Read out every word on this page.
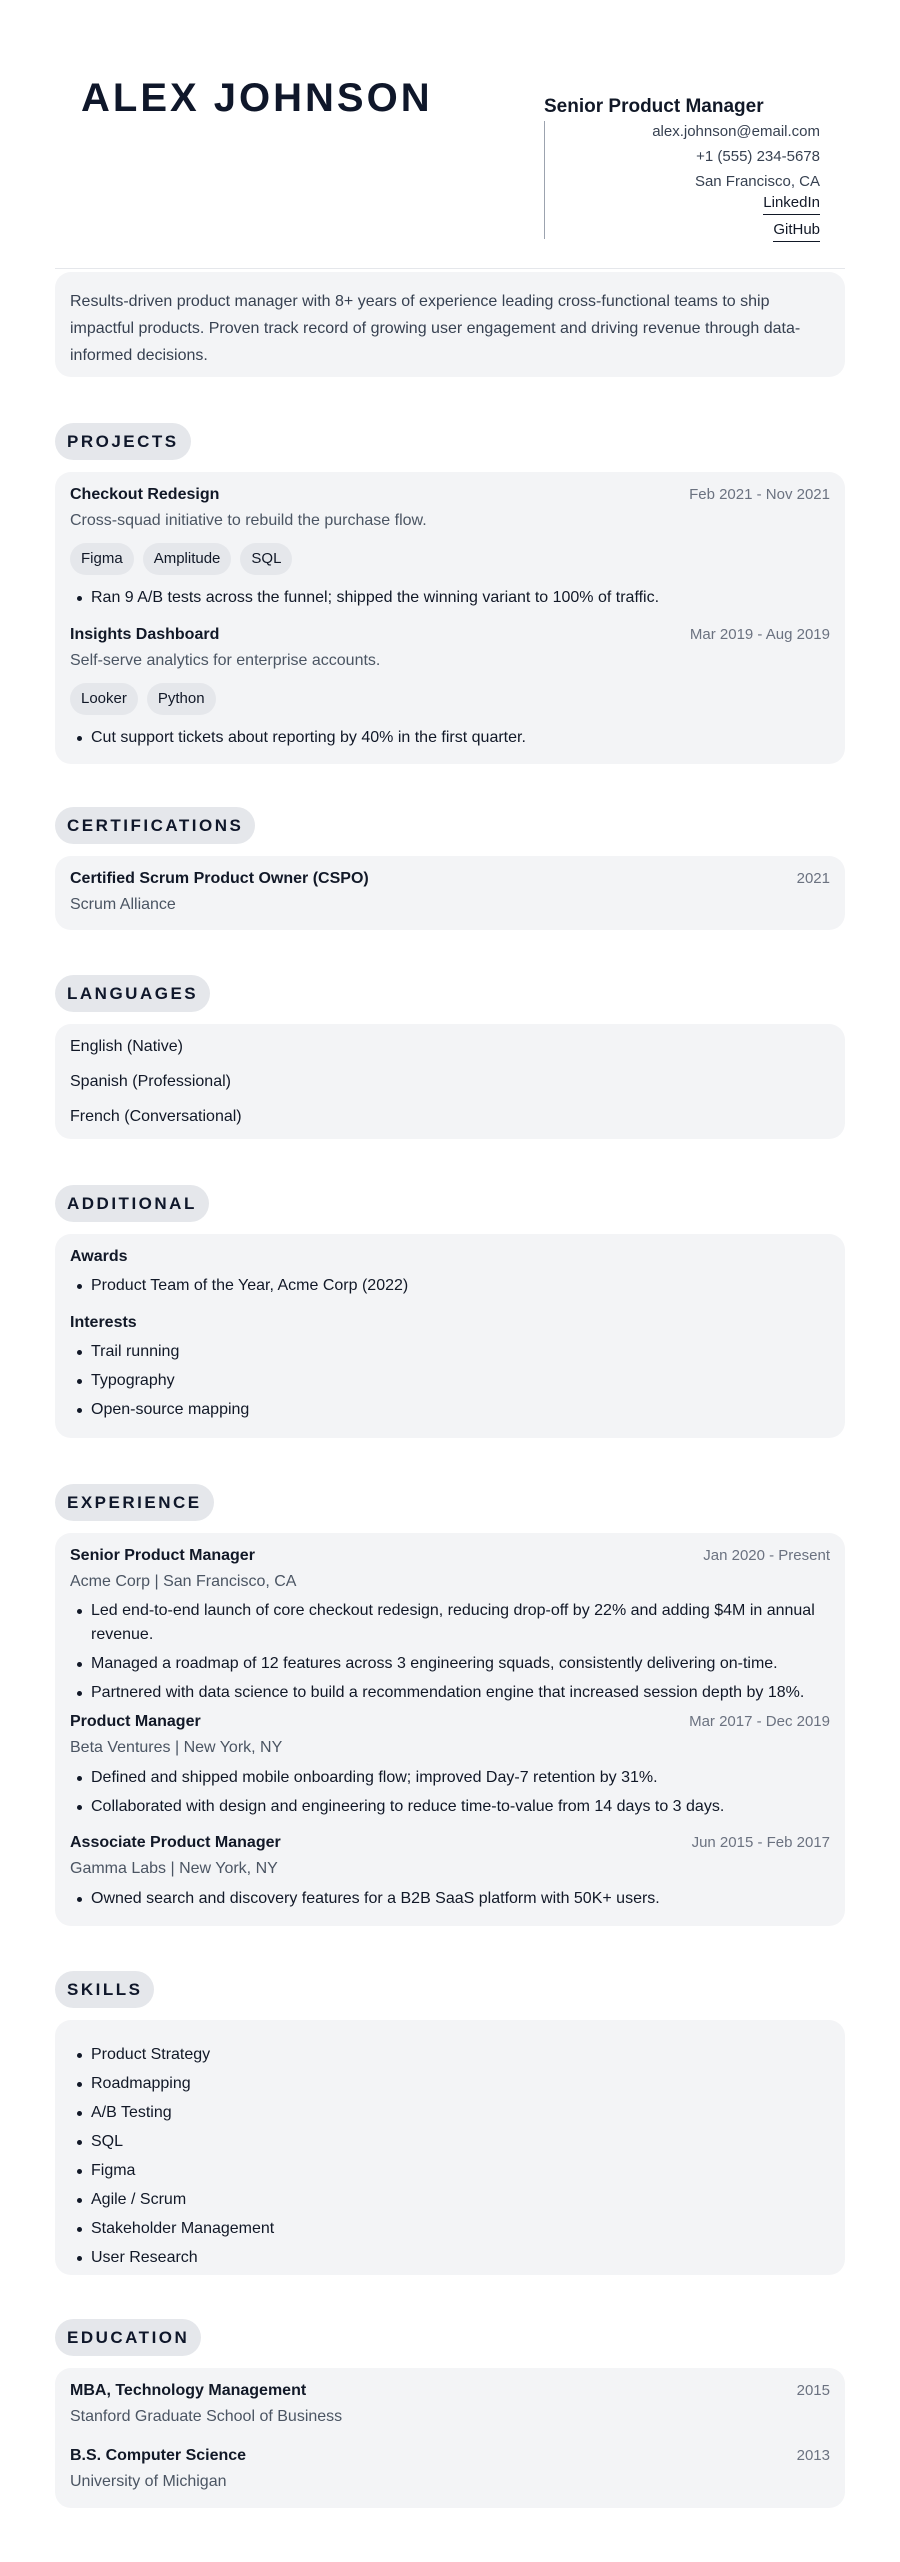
ALEX JOHNSON	Senior Product Manager
alex.johnson@email.com
+1 (555) 234-5678
San Francisco, CA
LinkedIn
GitHub
Results-driven product manager with 8+ years of experience leading cross-functional teams to ship impactful products. Proven track record of growing user engagement and driving revenue through data-informed decisions.
PROJECTS
Checkout Redesign	Feb 2021 - Nov 2021
Cross-squad initiative to rebuild the purchase flow.
Figma	Amplitude	SQL
Ran 9 A/B tests across the funnel; shipped the winning variant to 100% of traffic.
Insights Dashboard	Mar 2019 - Aug 2019
Self-serve analytics for enterprise accounts.
Looker	Python
Cut support tickets about reporting by 40% in the first quarter.
CERTIFICATIONS
Certified Scrum Product Owner (CSPO)	2021
Scrum Alliance
LANGUAGES
English (Native)
Spanish (Professional)
French (Conversational)
ADDITIONAL
Awards
Product Team of the Year, Acme Corp (2022)
Interests
Trail running
Typography
Open-source mapping
EXPERIENCE
Senior Product Manager	Jan 2020 - Present
Acme Corp | San Francisco, CA
Led end-to-end launch of core checkout redesign, reducing drop-off by 22% and adding $4M in annual revenue.
Managed a roadmap of 12 features across 3 engineering squads, consistently delivering on-time.
Partnered with data science to build a recommendation engine that increased session depth by 18%.
Product Manager	Mar 2017 - Dec 2019
Beta Ventures | New York, NY
Defined and shipped mobile onboarding flow; improved Day-7 retention by 31%.
Collaborated with design and engineering to reduce time-to-value from 14 days to 3 days.
Associate Product Manager	Jun 2015 - Feb 2017
Gamma Labs | New York, NY
Owned search and discovery features for a B2B SaaS platform with 50K+ users.
SKILLS
Product Strategy
Roadmapping
A/B Testing
SQL
Figma
Agile / Scrum
Stakeholder Management
User Research
EDUCATION
MBA, Technology Management	2015
Stanford Graduate School of Business
B.S. Computer Science	2013
University of Michigan
